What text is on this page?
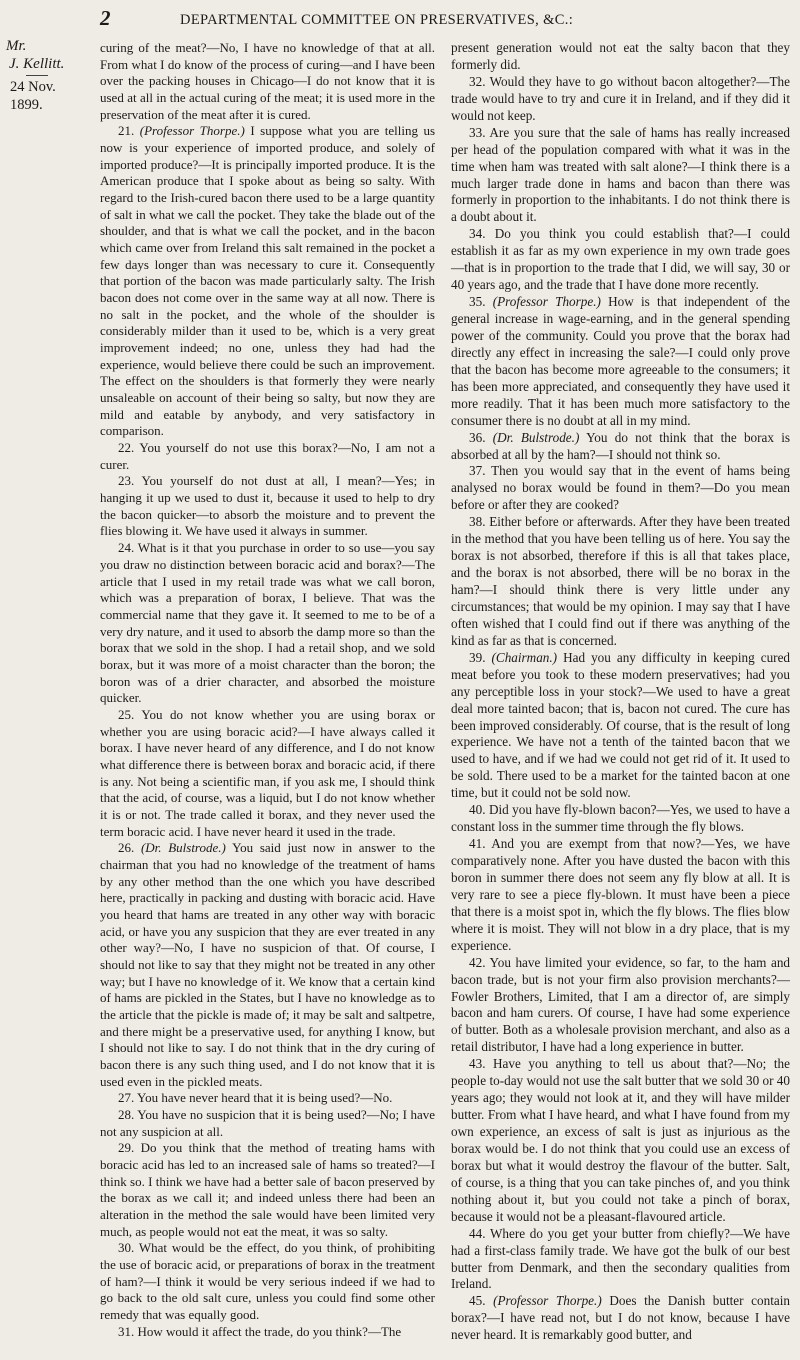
2	DEPARTMENTAL COMMITTEE ON PRESERVATIVES, &C.:
Mr.
J. Kellitt.
24 Nov. 1899.

curing of the meat?—No, I have no knowledge of that at all. From what I do know of the process of curing—and I have been over the packing houses in Chicago—I do not know that it is used at all in the actual curing of the meat; it is used more in the preservation of the meat after it is cured.

21. (Professor Thorpe.) I suppose what you are telling us now is your experience of imported produce, and solely of imported produce?—It is principally imported produce. It is the American produce that I spoke about as being so salty. With regard to the Irish-cured bacon there used to be a large quantity of salt in what we call the pocket. They take the blade out of the shoulder, and that is what we call the pocket, and in the bacon which came over from Ireland this salt remained in the pocket a few days longer than was necessary to cure it. Consequently that portion of the bacon was made particularly salty. The Irish bacon does not come over in the same way at all now. There is no salt in the pocket, and the whole of the shoulder is considerably milder than it used to be, which is a very great improvement indeed; no one, unless they had had the experience, would believe there could be such an improvement. The effect on the shoulders is that formerly they were nearly unsaleable on account of their being so salty, but now they are mild and eatable by anybody, and very satisfactory in comparison.

22. You yourself do not use this borax?—No, I am not a curer.

23. You yourself do not dust at all, I mean?—Yes; in hanging it up we used to dust it, because it used to help to dry the bacon quicker—to absorb the moisture and to prevent the flies blowing it. We have used it always in summer.

24. What is it that you purchase in order to so use—you say you draw no distinction between boracic acid and borax?—The article that I used in my retail trade was what we call boron, which was a preparation of borax, I believe. That was the commercial name that they gave it. It seemed to me to be of a very dry nature, and it used to absorb the damp more so than the borax that we sold in the shop. I had a retail shop, and we sold borax, but it was more of a moist character than the boron; the boron was of a drier character, and absorbed the moisture quicker.

25. You do not know whether you are using borax or whether you are using boracic acid?—I have always called it borax. I have never heard of any difference, and I do not know what difference there is between borax and boracic acid, if there is any. Not being a scientific man, if you ask me, I should think that the acid, of course, was a liquid, but I do not know whether it is or not. The trade called it borax, and they never used the term boracic acid. I have never heard it used in the trade.

26. (Dr. Bulstrode.) You said just now in answer to the chairman that you had no knowledge of the treatment of hams by any other method than the one which you have described here, practically in packing and dusting with boracic acid. Have you heard that hams are treated in any other way with boracic acid, or have you any suspicion that they are ever treated in any other way?—No, I have no suspicion of that. Of course, I should not like to say that they might not be treated in any other way; but I have no knowledge of it. We know that a certain kind of hams are pickled in the States, but I have no knowledge as to the article that the pickle is made of; it may be salt and saltpetre, and there might be a preservative used, for anything I know, but I should not like to say. I do not think that in the dry curing of bacon there is any such thing used, and I do not know that it is used even in the pickled meats.

27. You have never heard that it is being used?—No.

28. You have no suspicion that it is being used?—No; I have not any suspicion at all.

29. Do you think that the method of treating hams with boracic acid has led to an increased sale of hams so treated?—I think so. I think we have had a better sale of bacon preserved by the borax as we call it; and indeed unless there had been an alteration in the method the sale would have been limited very much, as people would not eat the meat, it was so salty.

30. What would be the effect, do you think, of prohibiting the use of boracic acid, or preparations of borax in the treatment of ham?—I think it would be very serious indeed if we had to go back to the old salt cure, unless you could find some other remedy that was equally good.

31. How would it affect the trade, do you think?—The

present generation would not eat the salty bacon that they formerly did.

32. Would they have to go without bacon altogether?—The trade would have to try and cure it in Ireland, and if they did it would not keep.

33. Are you sure that the sale of hams has really increased per head of the population compared with what it was in the time when ham was treated with salt alone?—I think there is a much larger trade done in hams and bacon than there was formerly in proportion to the inhabitants. I do not think there is a doubt about it.

34. Do you think you could establish that?—I could establish it as far as my own experience in my own trade goes—that is in proportion to the trade that I did, we will say, 30 or 40 years ago, and the trade that I have done more recently.

35. (Professor Thorpe.) How is that independent of the general increase in wage-earning, and in the general spending power of the community. Could you prove that the borax had directly any effect in increasing the sale?—I could only prove that the bacon has become more agreeable to the consumers; it has been more appreciated, and consequently they have used it more readily. That it has been much more satisfactory to the consumer there is no doubt at all in my mind.

36. (Dr. Bulstrode.) You do not think that the borax is absorbed at all by the ham?—I should not think so.

37. Then you would say that in the event of hams being analysed no borax would be found in them?—Do you mean before or after they are cooked?

38. Either before or afterwards. After they have been treated in the method that you have been telling us of here. You say the borax is not absorbed, therefore if this is all that takes place, and the borax is not absorbed, there will be no borax in the ham?—I should think there is very little under any circumstances; that would be my opinion. I may say that I have often wished that I could find out if there was anything of the kind as far as that is concerned.

39. (Chairman.) Had you any difficulty in keeping cured meat before you took to these modern preservatives; had you any perceptible loss in your stock?—We used to have a great deal more tainted bacon; that is, bacon not cured. The cure has been improved considerably. Of course, that is the result of long experience. We have not a tenth of the tainted bacon that we used to have, and if we had we could not get rid of it. It used to be sold. There used to be a market for the tainted bacon at one time, but it could not be sold now.

40. Did you have fly-blown bacon?—Yes, we used to have a constant loss in the summer time through the fly blows.

41. And you are exempt from that now?—Yes, we have comparatively none. After you have dusted the bacon with this boron in summer there does not seem any fly blow at all. It is very rare to see a piece fly-blown. It must have been a piece that there is a moist spot in, which the fly blows. The flies blow where it is moist. They will not blow in a dry place, that is my experience.

42. You have limited your evidence, so far, to the ham and bacon trade, but is not your firm also provision merchants?—Fowler Brothers, Limited, that I am a director of, are simply bacon and ham curers. Of course, I have had some experience of butter. Both as a wholesale provision merchant, and also as a retail distributor, I have had a long experience in butter.

43. Have you anything to tell us about that?—No; the people to-day would not use the salt butter that we sold 30 or 40 years ago; they would not look at it, and they will have milder butter. From what I have heard, and what I have found from my own experience, an excess of salt is just as injurious as the borax would be. I do not think that you could use an excess of borax but what it would destroy the flavour of the butter. Salt, of course, is a thing that you can take pinches of, and you think nothing about it, but you could not take a pinch of borax, because it would not be a pleasant-flavoured article.

44. Where do you get your butter from chiefly?—We have had a first-class family trade. We have got the bulk of our best butter from Denmark, and then the secondary qualities from Ireland.

45. (Professor Thorpe.) Does the Danish butter contain borax?—I have read not, but I do not know, because I have never heard. It is remarkably good butter, and
